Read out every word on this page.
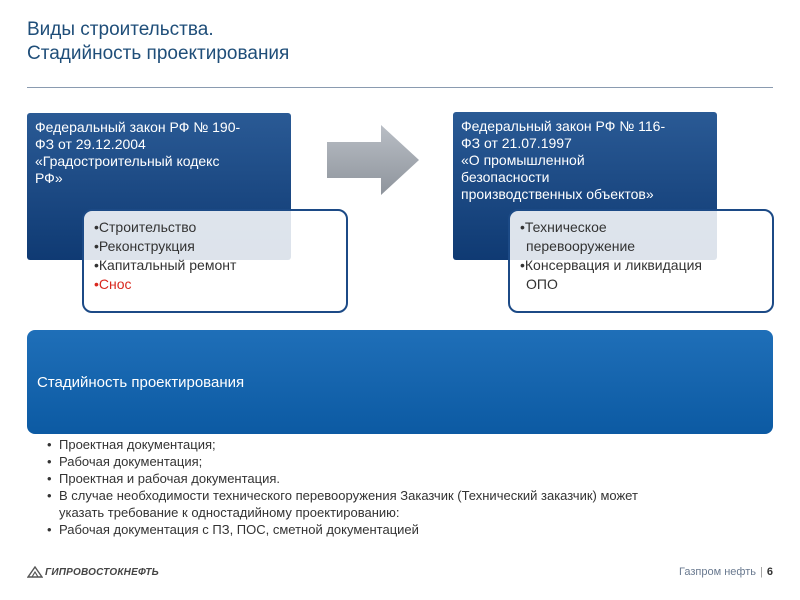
Виды строительства.
Стадийность проектирования
Федеральный закон РФ № 190-
ФЗ от 29.12.2004
«Градостроительный кодекс
РФ»
•Строительство
•Реконструкция
•Капитальный ремонт
•Снос
Федеральный закон РФ № 116-
ФЗ от 21.07.1997
«О промышленной
безопасности
производственных объектов»
•Техническое
перевооружение
•Консервация и ликвидация
ОПО
Стадийность проектирования
• Проектная документация;
• Рабочая документация;
• Проектная и рабочая документация.
• В случае необходимости технического перевооружения Заказчик (Технический заказчик) может
указать требование к одностадийному проектированию:
• Рабочая документация с ПЗ, ПОС, сметной документацией
ГИПРОВОСТОКНЕФТЬ	Газпром нефть | 6
